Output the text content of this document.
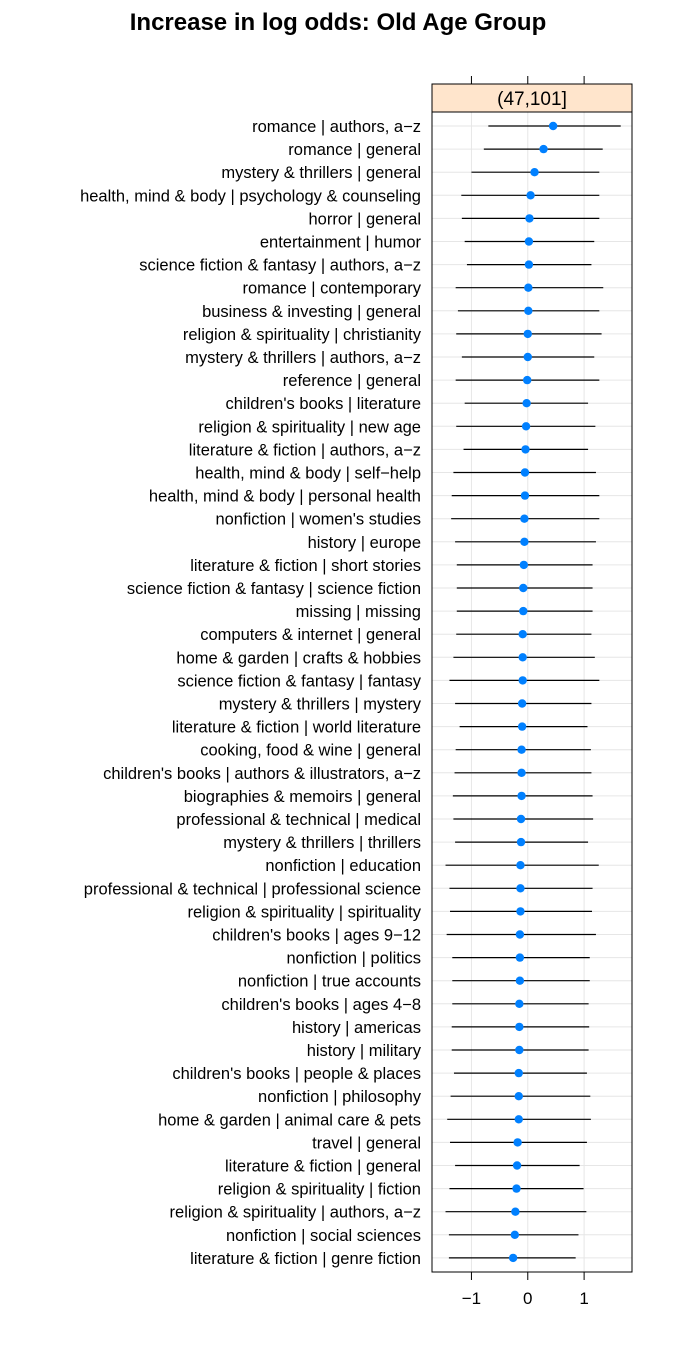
Increase in log odds: Old Age Group
romance | authors, a−z
romance | general
mystery & thrillers | general
health, mind & body | psychology & counseling
horror | general
entertainment | humor
science fiction & fantasy | authors, a−z
romance | contemporary
business & investing | general
religion & spirituality | christianity
mystery & thrillers | authors, a−z
reference | general
children's books | literature
religion & spirituality | new age
literature & fiction | authors, a−z
health, mind & body | self−help
health, mind & body | personal health
nonfiction | women's studies
history | europe
literature & fiction | short stories
science fiction & fantasy | science fiction
missing | missing
computers & internet | general
home & garden | crafts & hobbies
science fiction & fantasy | fantasy
mystery & thrillers | mystery
literature & fiction | world literature
cooking, food & wine | general
children's books | authors & illustrators, a−z
biographies & memoirs | general
professional & technical | medical
mystery & thrillers | thrillers
nonfiction | education
professional & technical | professional science
religion & spirituality | spirituality
children's books | ages 9−12
nonfiction | politics
nonfiction | true accounts
children's books | ages 4−8
history | americas
history | military
children's books | people & places
nonfiction | philosophy
home & garden | animal care & pets
travel | general
literature & fiction | general
religion & spirituality | fiction
religion & spirituality | authors, a−z
nonfiction | social sciences
literature & fiction | genre fiction
−1 0	1
(47,101]
